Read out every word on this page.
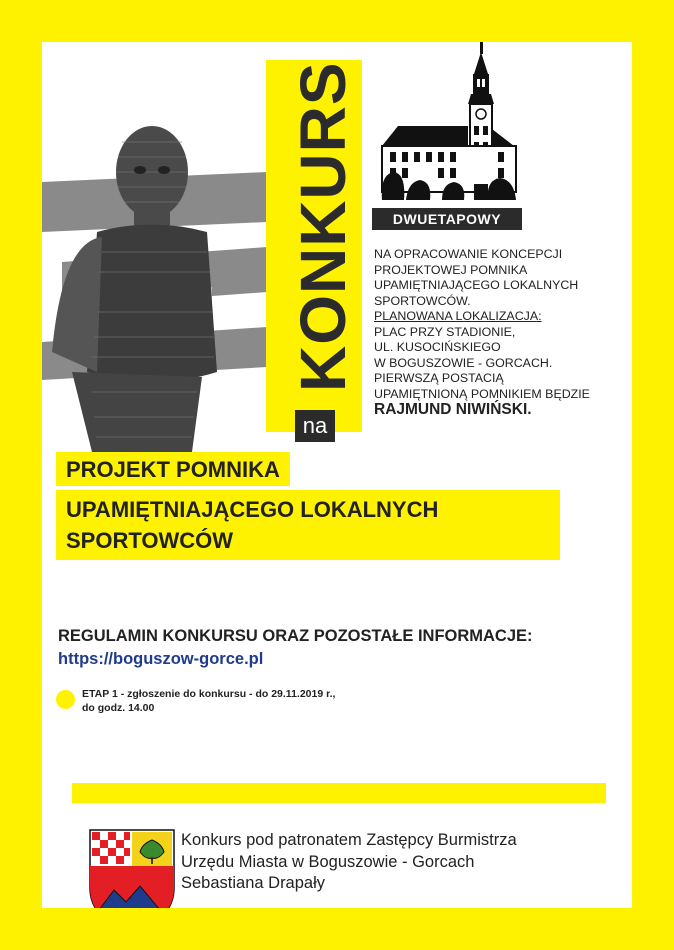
KONKURS
na
DWUETAPOWY
NA OPRACOWANIE KONCEPCJI
PROJEKTOWEJ POMNIKA
UPAMIĘTNIAJĄCEGO LOKALNYCH
SPORTOWCÓW.
PLANOWANA LOKALIZACJA:
PLAC PRZY STADIONIE,
UL. KUSOCIŃSKIEGO
W BOGUSZOWIE - GORCACH.
PIERWSZĄ POSTACIĄ
UPAMIĘTNIONĄ POMNIKIEM BĘDZIE
RAJMUND NIWIŃSKI.
PROJEKT POMNIKA
UPAMIĘTNIAJĄCEGO LOKALNYCH
SPORTOWCÓW
REGULAMIN KONKURSU ORAZ POZOSTAŁE INFORMACJE:
https://boguszow-gorce.pl
ETAP 1 - zgłoszenie do konkursu - do 29.11.2019 r.,
do godz. 14.00
Konkurs pod patronatem Zastępcy Burmistrza
Urzędu Miasta w Boguszowie - Gorcach
Sebastiana Drapały
